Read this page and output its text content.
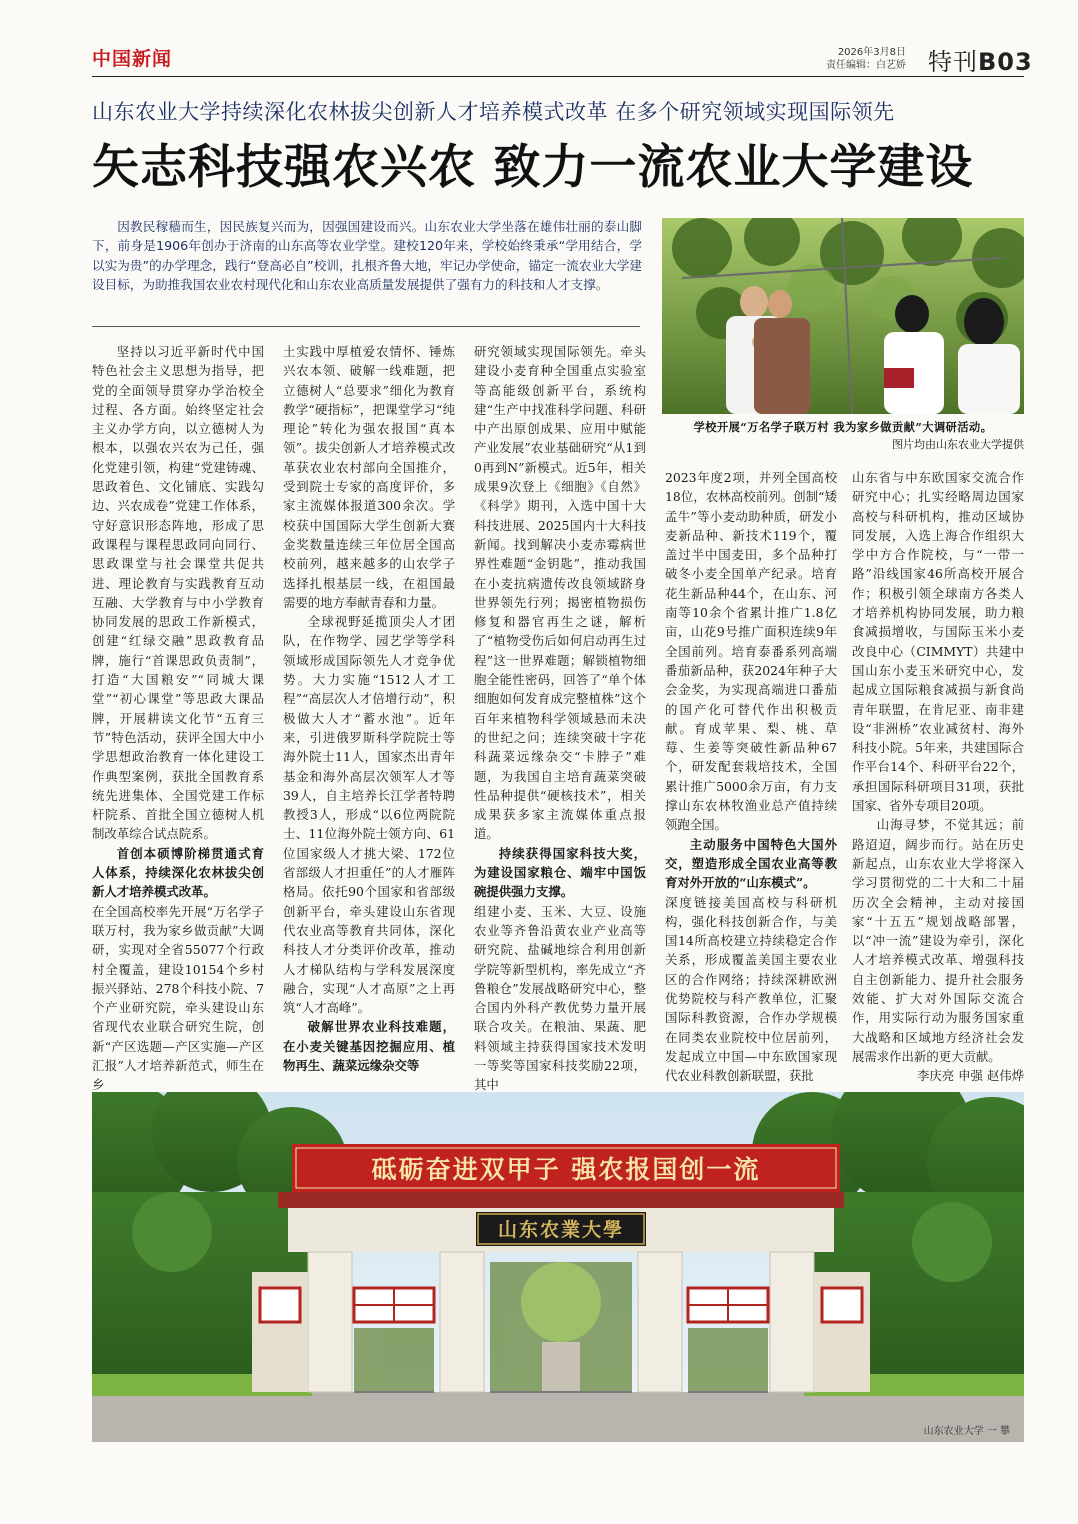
中国新闻	2026年3月8日
责任编辑：白艺娇 特刊B03
山东农业大学持续深化农林拔尖创新人才培养模式改革 在多个研究领域实现国际领先
矢志科技强农兴农 致力一流农业大学建设

因教民稼穑而生，因民族复兴而为，因强国建设而兴。山东农业大学坐落在雄伟壮丽的泰山脚下，前身是1906年创办于济南的山东高等农业学堂。建校120年来，学校始终秉承“学用结合，学以实为贵”的办学理念，践行“登高必自”校训，扎根齐鲁大地，牢记办学使命，锚定一流农业大学建设目标，为助推我国农业农村现代化和山东农业高质量发展提供了强有力的科技和人才支撑。

学校开展“万名学子联万村 我为家乡做贡献”大调研活动。
图片均由山东农业大学提供

坚持以习近平新时代中国特色社会主义思想为指导，把党的全面领导贯穿办学治校全过程、各方面。始终坚定社会主义办学方向，以立德树人为根本，以强农兴农为己任，强化党建引领，构建“党建铸魂、思政着色、文化铺底、实践勾边、兴农成卷”党建工作体系，守好意识形态阵地，形成了思政课程与课程思政同向同行、思政课堂与社会课堂共促共进、理论教育与实践教育互动互融、大学教育与中小学教育协同发展的思政工作新模式，创建“红绿交融”思政教育品牌，施行“首课思政负责制”，打造“大国粮安”“同城大课堂”“初心课堂”等思政大课品牌，开展耕读文化节“五育三节”特色活动，获评全国大中小学思想政治教育一体化建设工作典型案例，获批全国教育系统先进集体、全国党建工作标杆院系、首批全国立德树人机制改革综合试点院系。

首创本硕博阶梯贯通式育人体系，持续深化农林拔尖创新人才培养模式改革。

在全国高校率先开展“万名学子联万村，我为家乡做贡献”大调研，实现对全省55077个行政村全覆盖，建设10154个乡村振兴驿站、278个科技小院、7个产业研究院，牵头建设山东省现代农业联合研究生院，创新“产区选题—产区实施—产区汇报”人才培养新范式，师生在乡

土实践中厚植爱农情怀、锤炼兴农本领、破解一线难题，把立德树人“总要求”细化为教育教学“硬指标”，把课堂学习“纯理论”转化为强农报国“真本领”。拔尖创新人才培养模式改革获农业农村部向全国推介，受到院士专家的高度评价，多家主流媒体报道300余次。学校获中国国际大学生创新大赛金奖数量连续三年位居全国高校前列，越来越多的山农学子选择扎根基层一线，在祖国最需要的地方奉献青春和力量。

全球视野延揽顶尖人才团队，在作物学、园艺学等学科领域形成国际领先人才竞争优势。大力实施“1512人才工程”“高层次人才倍增行动”，积极做大人才“蓄水池”。近年来，引进俄罗斯科学院院士等海外院士11人，国家杰出青年基金和海外高层次领军人才等39人，自主培养长江学者特聘教授3人，形成“以6位两院院士、11位海外院士领方向、61位国家级人才挑大梁、172位省部级人才担重任”的人才雁阵格局。依托90个国家和省部级创新平台，牵头建设山东省现代农业高等教育共同体，深化科技人才分类评价改革，推动人才梯队结构与学科发展深度融合，实现“人才高原”之上再筑“人才高峰”。

破解世界农业科技难题，在小麦关键基因挖掘应用、植物再生、蔬菜远缘杂交等

研究领域实现国际领先。牵头建设小麦育种全国重点实验室等高能级创新平台，系统构建“生产中找准科学问题、科研中产出原创成果、应用中赋能产业发展”农业基础研究“从1到0再到N”新模式。近5年，相关成果9次登上《细胞》《自然》《科学》期刊，入选中国十大科技进展、2025国内十大科技新闻。找到解决小麦赤霉病世界性难题“金钥匙”，推动我国在小麦抗病遗传改良领域跻身世界领先行列；揭密植物损伤修复和器官再生之谜，解析了“植物受伤后如何启动再生过程”这一世界难题；解锁植物细胞全能性密码，回答了“单个体细胞如何发育成完整植株”这个百年来植物科学领域悬而未决的世纪之问；连续突破十字花科蔬菜远缘杂交“卡脖子”难题，为我国自主培育蔬菜突破性品种提供“硬核技术”，相关成果获多家主流媒体重点报道。

持续获得国家科技大奖，为建设国家粮仓、端牢中国饭碗提供强力支撑。

组建小麦、玉米、大豆、设施农业等齐鲁沿黄农业产业高等研究院、盐碱地综合利用创新学院等新型机构，率先成立“齐鲁粮仓”发展战略研究中心，整合国内外科产教优势力量开展联合攻关。在粮油、果蔬、肥料领域主持获得国家技术发明一等奖等国家科技奖励22项，其中

2023年度2项，并列全国高校18位，农林高校前列。创制“矮孟牛”等小麦动助种质，研发小麦新品种、新技术119个，覆盖过半中国麦田，多个品种打破冬小麦全国单产纪录。培育花生新品种44个，在山东、河南等10余个省累计推广1.8亿亩，山花9号推广面积连续9年全国前列。培育泰番系列高端番茄新品种，获2024年种子大会金奖，为实现高端进口番茄的国产化可替代作出积极贡献。育成苹果、梨、桃、草莓、生姜等突破性新品种67个，研发配套栽培技术，全国累计推广5000余万亩，有力支撑山东农林牧渔业总产值持续领跑全国。

主动服务中国特色大国外交，塑造形成全国农业高等教育对外开放的“山东模式”。

深度链接美国高校与科研机构，强化科技创新合作，与美国14所高校建立持续稳定合作关系，形成覆盖美国主要农业区的合作网络；持续深耕欧洲优势院校与科产教单位，汇聚国际科教资源，合作办学规模在同类农业院校中位居前列，发起成立中国—中东欧国家现代农业科教创新联盟，获批

山东省与中东欧国家交流合作研究中心；扎实经略周边国家高校与科研机构，推动区域协同发展，入选上海合作组织大学中方合作院校，与“一带一路”沿线国家46所高校开展合作；积极引领全球南方各类人才培养机构协同发展，助力粮食减损增收，与国际玉米小麦改良中心（CIMMYT）共建中国山东小麦玉米研究中心，发起成立国际粮食减损与新食尚青年联盟，在肯尼亚、南非建设“非洲桥”农业减贫村、海外科技小院。5年来，共建国际合作平台14个、科研平台22个，承担国际科研项目31项，获批国家、省外专项目20项。

山海寻梦，不觉其远；前路迢迢，阔步而行。站在历史新起点，山东农业大学将深入学习贯彻党的二十大和二十届历次全会精神，主动对接国家“十五五”规划战略部署，以“冲一流”建设为牵引，深化人才培养模式改革、增强科技自主创新能力、提升社会服务效能、扩大对外国际交流合作，用实际行动为服务国家重大战略和区域地方经济社会发展需求作出新的更大贡献。

李庆亮 申强 赵伟烨

砥砺奋进双甲子 强农报国创一流
山东农業大學
山东农业大学 一 攀
